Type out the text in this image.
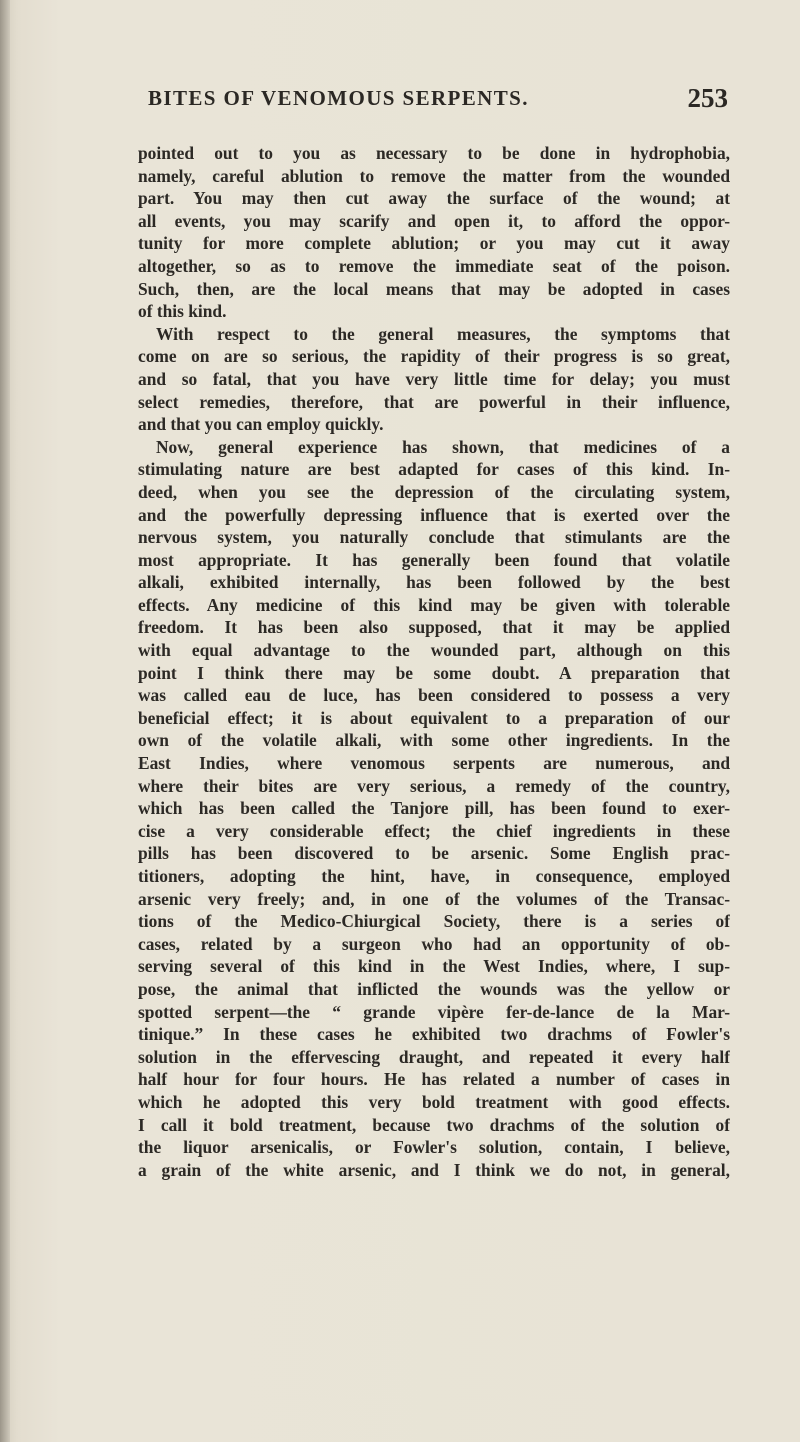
BITES OF VENOMOUS SERPENTS.	253
pointed out to you as necessary to be done in hydrophobia,
namely, careful ablution to remove the matter from the wounded
part. You may then cut away the surface of the wound; at
all events, you may scarify and open it, to afford the oppor-
tunity for more complete ablution; or you may cut it away
altogether, so as to remove the immediate seat of the poison.
Such, then, are the local means that may be adopted in cases
of this kind.
With respect to the general measures, the symptoms that
come on are so serious, the rapidity of their progress is so great,
and so fatal, that you have very little time for delay; you must
select remedies, therefore, that are powerful in their influence,
and that you can employ quickly.
Now, general experience has shown, that medicines of a
stimulating nature are best adapted for cases of this kind. In-
deed, when you see the depression of the circulating system,
and the powerfully depressing influence that is exerted over the
nervous system, you naturally conclude that stimulants are the
most appropriate. It has generally been found that volatile
alkali, exhibited internally, has been followed by the best
effects. Any medicine of this kind may be given with tolerable
freedom. It has been also supposed, that it may be applied
with equal advantage to the wounded part, although on this
point I think there may be some doubt. A preparation that
was called eau de luce, has been considered to possess a very
beneficial effect; it is about equivalent to a preparation of our
own of the volatile alkali, with some other ingredients. In the
East Indies, where venomous serpents are numerous, and
where their bites are very serious, a remedy of the country,
which has been called the Tanjore pill, has been found to exer-
cise a very considerable effect; the chief ingredients in these
pills has been discovered to be arsenic. Some English prac-
titioners, adopting the hint, have, in consequence, employed
arsenic very freely; and, in one of the volumes of the Transac-
tions of the Medico-Chiurgical Society, there is a series of
cases, related by a surgeon who had an opportunity of ob-
serving several of this kind in the West Indies, where, I sup-
pose, the animal that inflicted the wounds was the yellow or
spotted serpent—the “ grande vipère fer-de-lance de la Mar-
tinique.” In these cases he exhibited two drachms of Fowler's
solution in the effervescing draught, and repeated it every half
half hour for four hours. He has related a number of cases in
which he adopted this very bold treatment with good effects.
I call it bold treatment, because two drachms of the solution of
the liquor arsenicalis, or Fowler's solution, contain, I believe,
a grain of the white arsenic, and I think we do not, in general,
